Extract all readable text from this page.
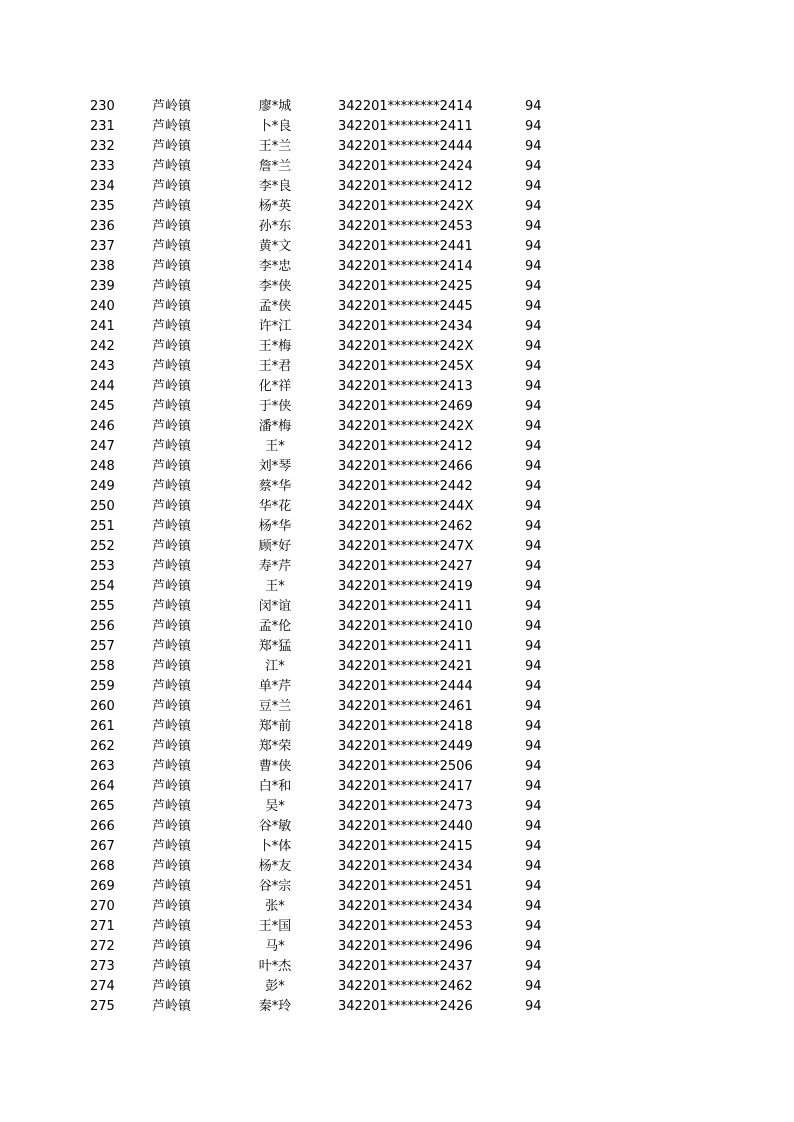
230	芦岭镇	廖*城	342201********2414	94
231	芦岭镇	卜*良	342201********2411	94
232	芦岭镇	王*兰	342201********2444	94
233	芦岭镇	詹*兰	342201********2424	94
234	芦岭镇	李*良	342201********2412	94
235	芦岭镇	杨*英	342201********242X	94
236	芦岭镇	孙*东	342201********2453	94
237	芦岭镇	黄*文	342201********2441	94
238	芦岭镇	李*忠	342201********2414	94
239	芦岭镇	李*侠	342201********2425	94
240	芦岭镇	孟*侠	342201********2445	94
241	芦岭镇	许*江	342201********2434	94
242	芦岭镇	王*梅	342201********242X	94
243	芦岭镇	王*君	342201********245X	94
244	芦岭镇	化*祥	342201********2413	94
245	芦岭镇	于*侠	342201********2469	94
246	芦岭镇	潘*梅	342201********242X	94
247	芦岭镇	王*	342201********2412	94
248	芦岭镇	刘*琴	342201********2466	94
249	芦岭镇	蔡*华	342201********2442	94
250	芦岭镇	华*花	342201********244X	94
251	芦岭镇	杨*华	342201********2462	94
252	芦岭镇	顾*好	342201********247X	94
253	芦岭镇	寿*芹	342201********2427	94
254	芦岭镇	王*	342201********2419	94
255	芦岭镇	闵*谊	342201********2411	94
256	芦岭镇	孟*伦	342201********2410	94
257	芦岭镇	郑*猛	342201********2411	94
258	芦岭镇	江*	342201********2421	94
259	芦岭镇	单*芹	342201********2444	94
260	芦岭镇	豆*兰	342201********2461	94
261	芦岭镇	郑*前	342201********2418	94
262	芦岭镇	郑*荣	342201********2449	94
263	芦岭镇	曹*侠	342201********2506	94
264	芦岭镇	白*和	342201********2417	94
265	芦岭镇	吴*	342201********2473	94
266	芦岭镇	谷*敏	342201********2440	94
267	芦岭镇	卜*体	342201********2415	94
268	芦岭镇	杨*友	342201********2434	94
269	芦岭镇	谷*宗	342201********2451	94
270	芦岭镇	张*	342201********2434	94
271	芦岭镇	王*国	342201********2453	94
272	芦岭镇	马*	342201********2496	94
273	芦岭镇	叶*杰	342201********2437	94
274	芦岭镇	彭*	342201********2462	94
275	芦岭镇	秦*玲	342201********2426	94
